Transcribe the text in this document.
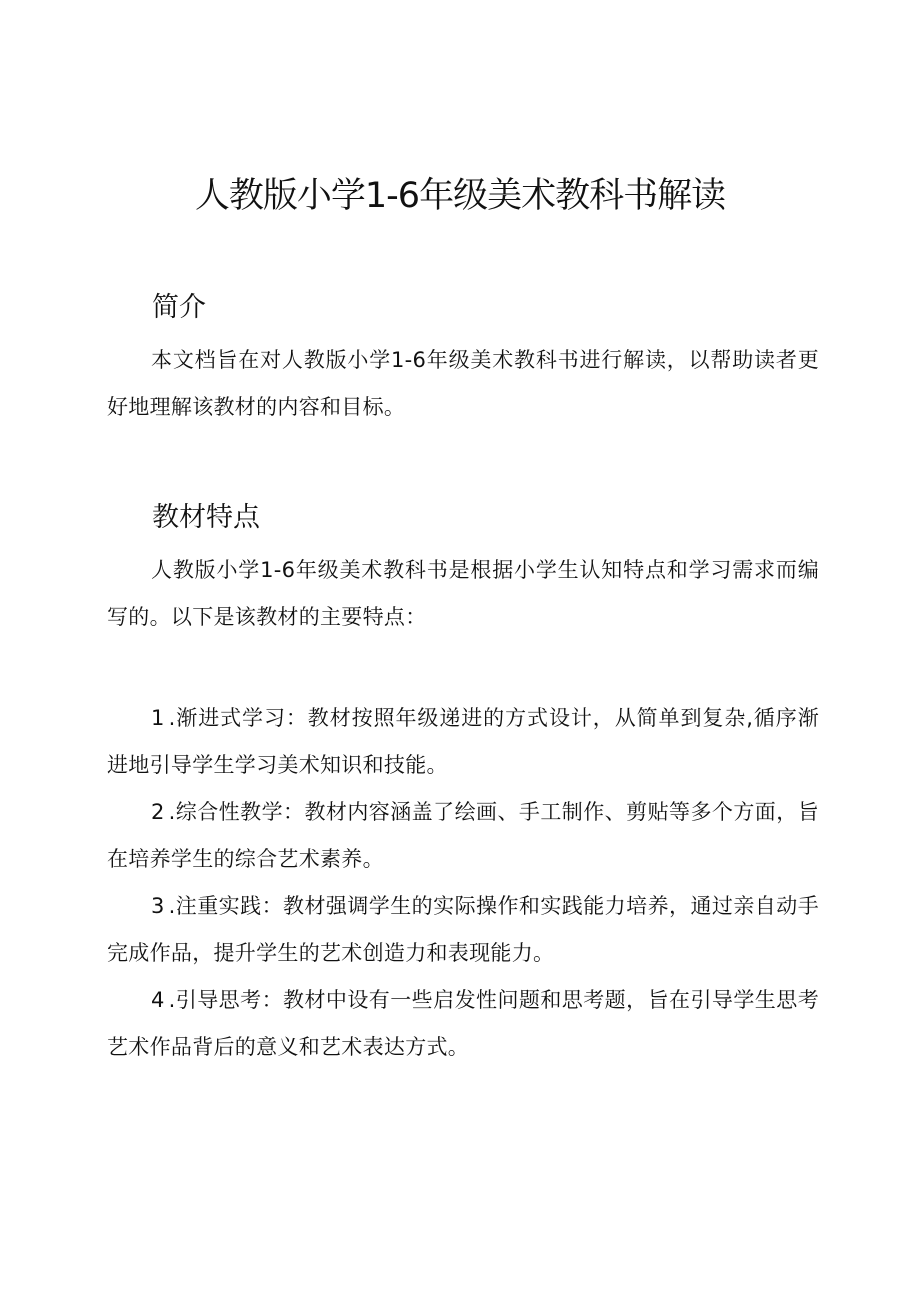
人教版小学1-6年级美术教科书解读
简介

本文档旨在对人教版小学1-6年级美术教科书进行解读，以帮助读者更好地理解该教材的内容和目标。

教材特点

人教版小学1-6年级美术教科书是根据小学生认知特点和学习需求而编写的。以下是该教材的主要特点：

1 .渐进式学习：教材按照年级递进的方式设计，从简单到复杂,循序渐进地引导学生学习美术知识和技能。

2 .综合性教学：教材内容涵盖了绘画、手工制作、剪贴等多个方面，旨在培养学生的综合艺术素养。

3 .注重实践：教材强调学生的实际操作和实践能力培养，通过亲自动手完成作品，提升学生的艺术创造力和表现能力。

4 .引导思考：教材中设有一些启发性问题和思考题，旨在引导学生思考艺术作品背后的意义和艺术表达方式。
